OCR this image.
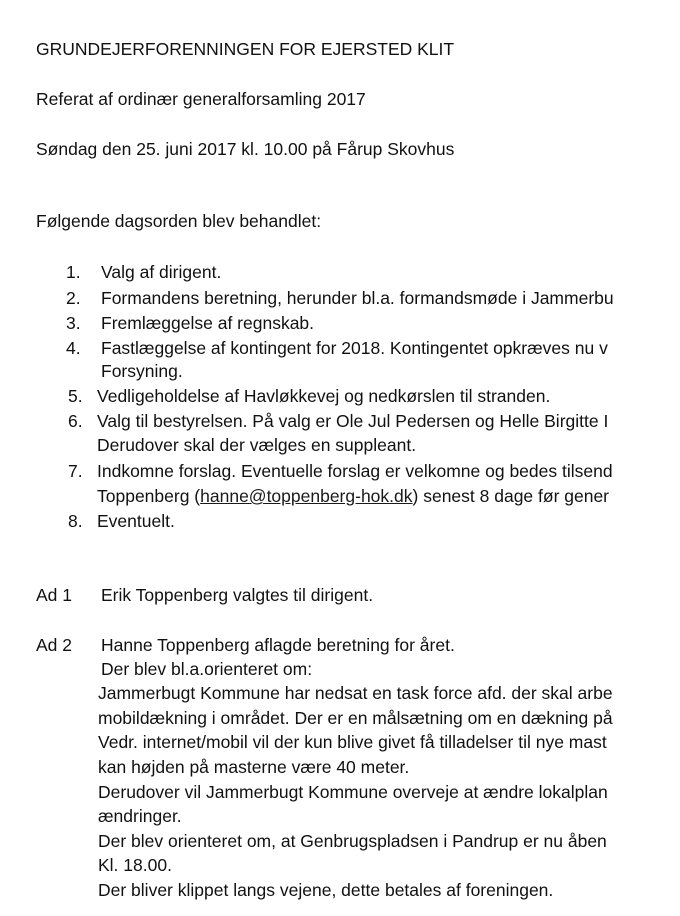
GRUNDEJERFORENNINGEN FOR EJERSTED KLIT
Referat af ordinær generalforsamling 2017
Søndag den 25. juni 2017 kl. 10.00 på Fårup Skovhus
Følgende dagsorden blev behandlet:
1. Valg af dirigent.
2. Formandens beretning, herunder bl.a. formandsmøde i Jammerbu
3. Fremlæggelse af regnskab.
4. Fastlæggelse af kontingent for 2018. Kontingentet opkræves nu v
Forsyning.
5. Vedligeholdelse af Havløkkevej og nedkørslen til stranden.
6. Valg til bestyrelsen. På valg er Ole Jul Pedersen og Helle Birgitte I
Derudover skal der vælges en suppleant.
7. Indkomne forslag. Eventuelle forslag er velkomne og bedes tilsend
Toppenberg (hanne@toppenberg-hok.dk) senest 8 dage før gener
8. Eventuelt.
Ad 1 Erik Toppenberg valgtes til dirigent.
Ad 2 Hanne Toppenberg aflagde beretning for året.
Der blev bl.a.orienteret om:
Jammerbugt Kommune har nedsat en task force afd. der skal arbe
mobildækning i området. Der er en målsætning om en dækning på
Vedr. internet/mobil vil der kun blive givet få tilladelser til nye mast
kan højden på masterne være 40 meter.
Derudover vil Jammerbugt Kommune overveje at ændre lokalplan
ændringer.
Der blev orienteret om, at Genbrugspladsen i Pandrup er nu åben
Kl. 18.00.
Der bliver klippet langs vejene, dette betales af foreningen.
